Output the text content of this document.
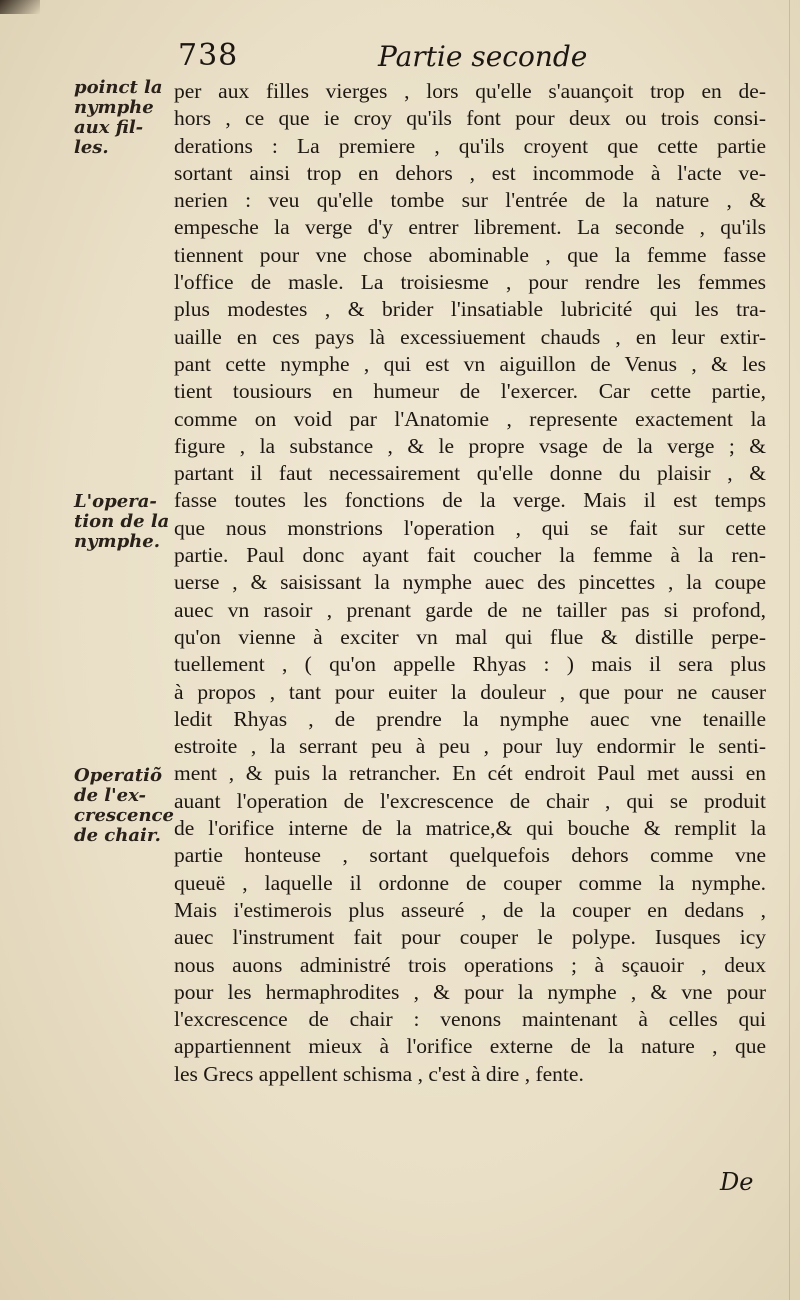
738	Partie seconde
poinct la
nymphe
aux fil-
les.
L'opera-
tion de la
nymphe.
Operatiõ
de l'ex-
crescence
de chair.
per aux filles vierges , lors qu'elle s'auançoit trop en de-
hors , ce que ie croy qu'ils font pour deux ou trois consi-
derations : La premiere , qu'ils croyent que cette partie
sortant ainsi trop en dehors , est incommode à l'acte ve-
nerien : veu qu'elle tombe sur l'entrée de la nature , &
empesche la verge d'y entrer librement. La seconde , qu'ils
tiennent pour vne chose abominable , que la femme fasse
l'office de masle. La troisiesme , pour rendre les femmes
plus modestes , & brider l'insatiable lubricité qui les tra-
uaille en ces pays là excessiuement chauds , en leur extir-
pant cette nymphe , qui est vn aiguillon de Venus , & les
tient tousiours en humeur de l'exercer. Car cette partie,
comme on void par l'Anatomie , represente exactement la
figure , la substance , & le propre vsage de la verge ; &
partant il faut necessairement qu'elle donne du plaisir , &
fasse toutes les fonctions de la verge. Mais il est temps
que nous monstrions l'operation , qui se fait sur cette
partie. Paul donc ayant fait coucher la femme à la ren-
uerse , & saisissant la nymphe auec des pincettes , la coupe
auec vn rasoir , prenant garde de ne tailler pas si profond,
qu'on vienne à exciter vn mal qui flue & distille perpe-
tuellement , ( qu'on appelle Rhyas : ) mais il sera plus
à propos , tant pour euiter la douleur , que pour ne causer
ledit Rhyas , de prendre la nymphe auec vne tenaille
estroite , la serrant peu à peu , pour luy endormir le senti-
ment , & puis la retrancher. En cét endroit Paul met aussi en
auant l'operation de l'excrescence de chair , qui se produit
de l'orifice interne de la matrice,& qui bouche & remplit la
partie honteuse , sortant quelquefois dehors comme vne
queuë , laquelle il ordonne de couper comme la nymphe.
Mais i'estimerois plus asseuré , de la couper en dedans ,
auec l'instrument fait pour couper le polype. Iusques icy
nous auons administré trois operations ; à sçauoir , deux
pour les hermaphrodites , & pour la nymphe , & vne pour
l'excrescence de chair : venons maintenant à celles qui
appartiennent mieux à l'orifice externe de la nature , que
les Grecs appellent schisma , c'est à dire , fente.
De
